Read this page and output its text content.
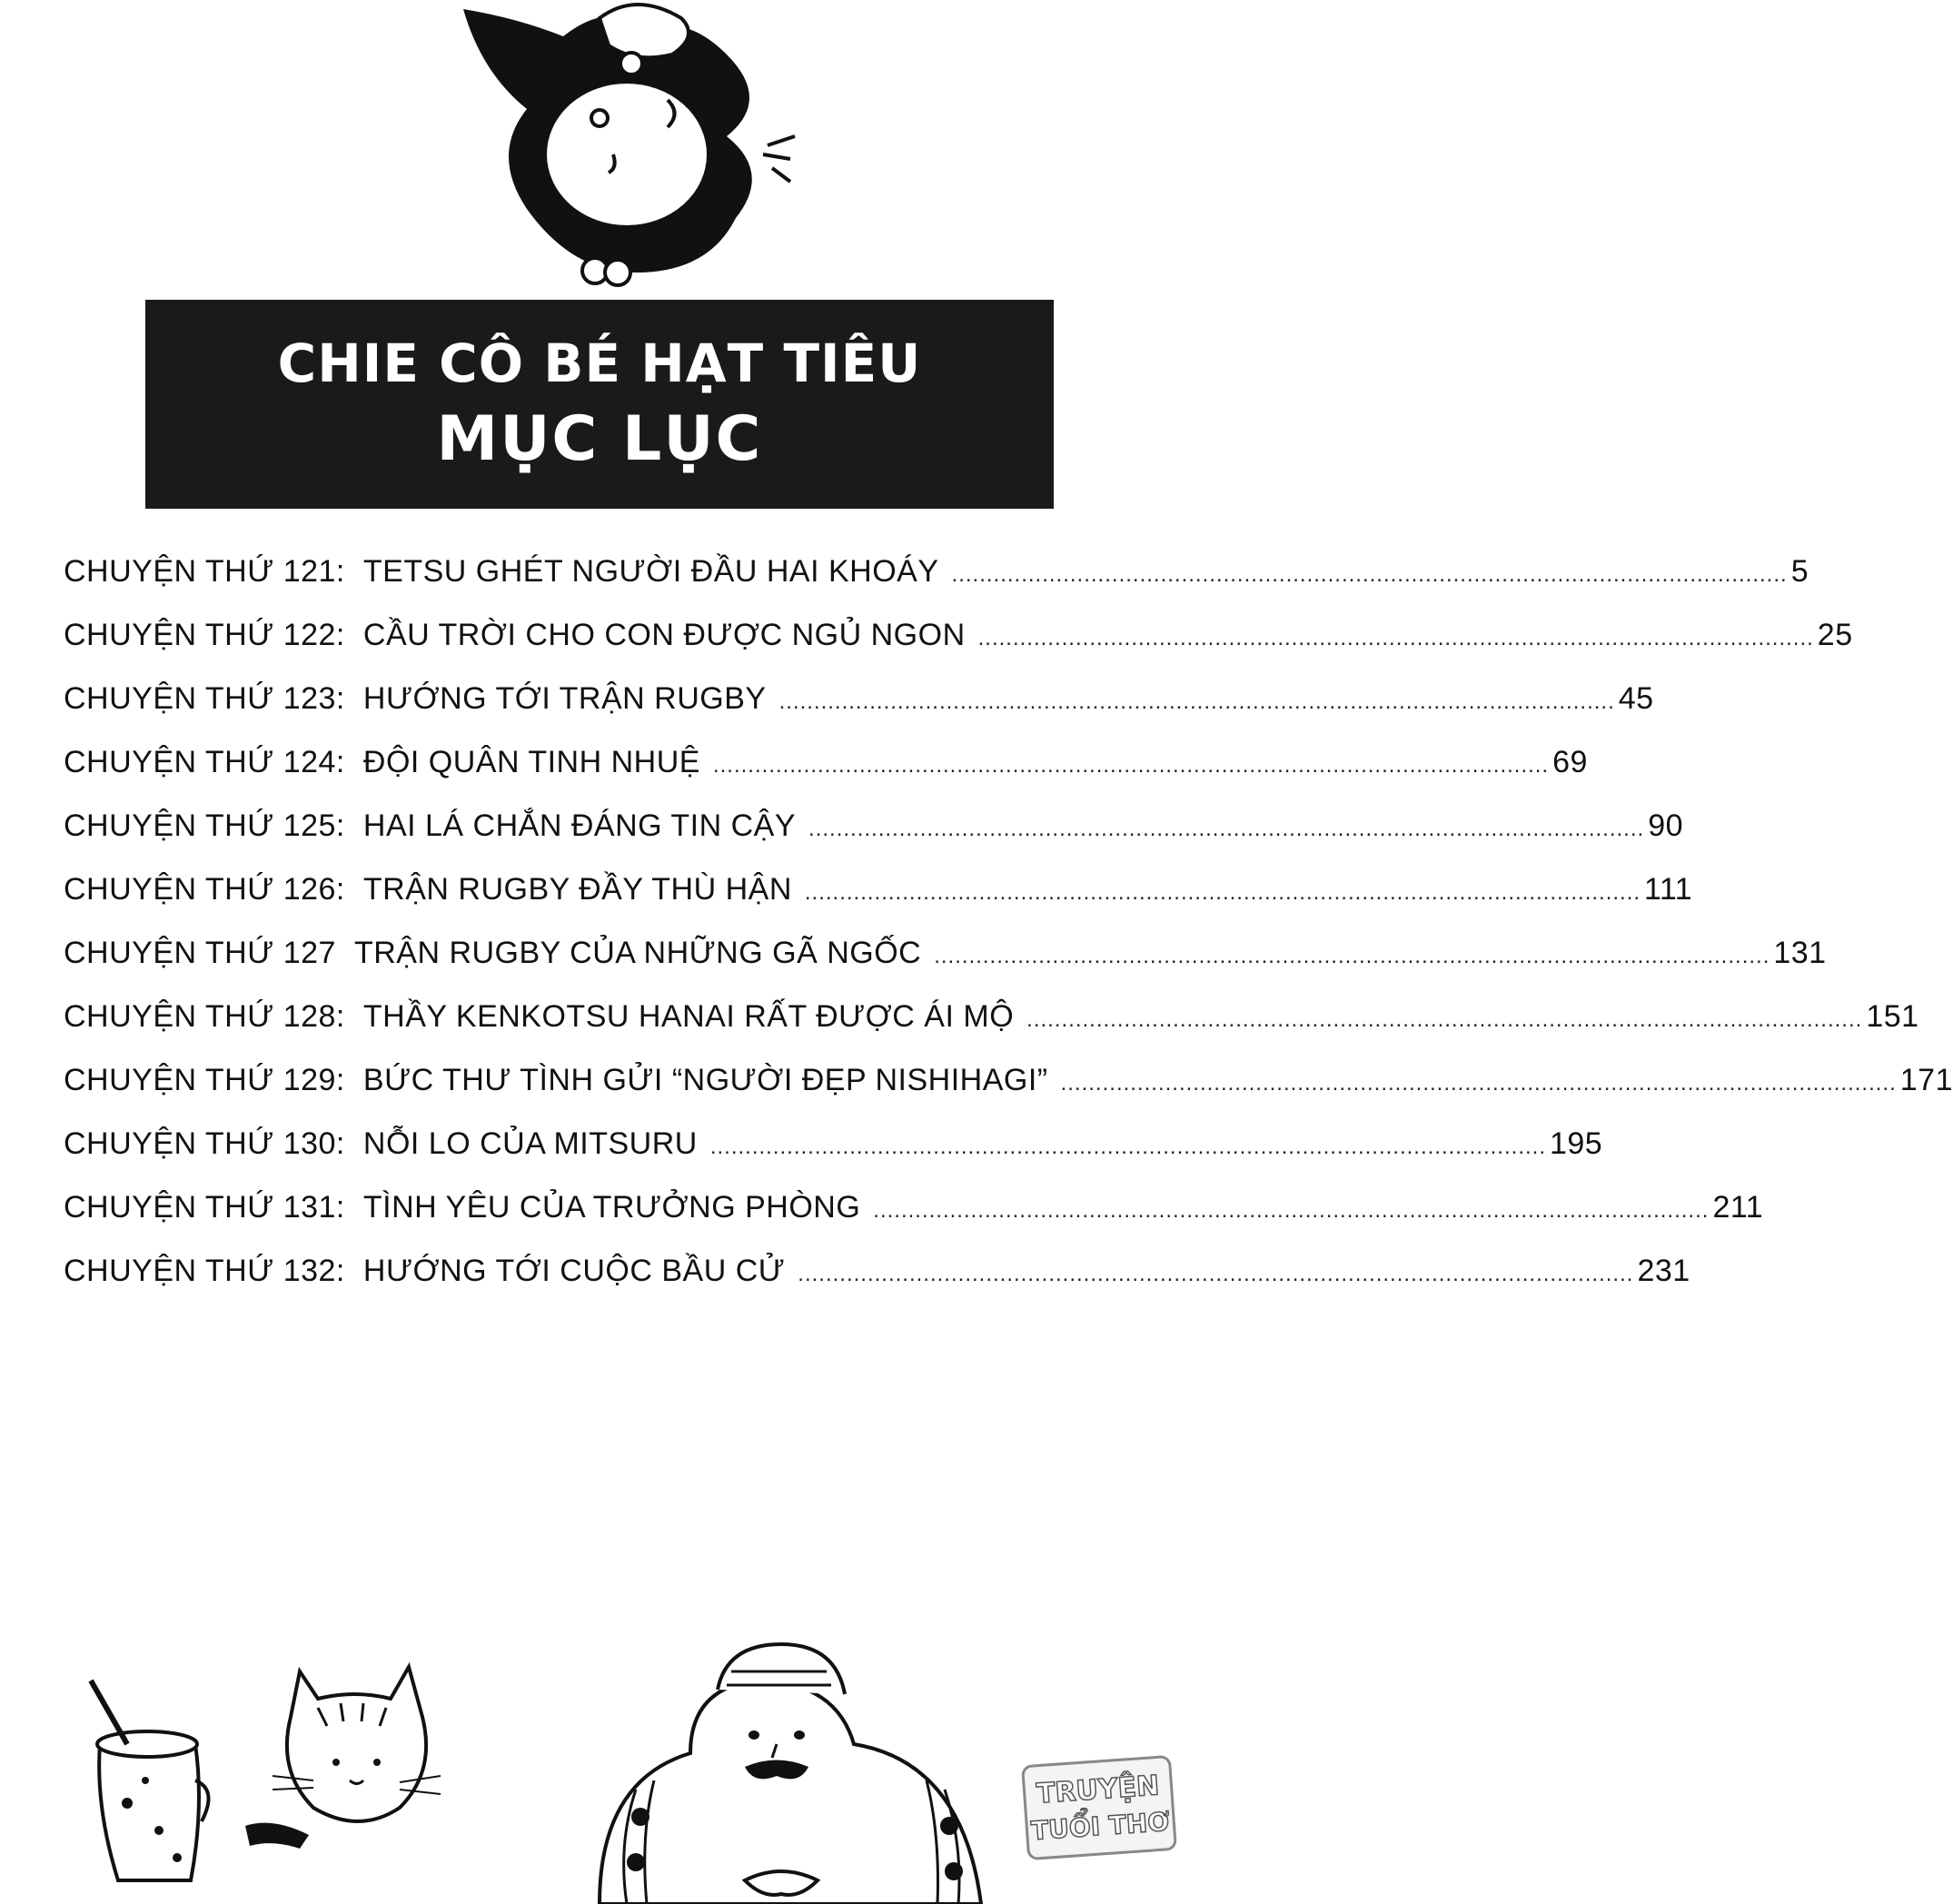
CHIE CÔ BÉ HẠT TIÊU
MỤC LỤC
CHUYỆN THỨ 121: TETSU GHÉT NGƯỜI ĐẦU HAI KHOÁY ........................................................................................................................ 5
CHUYỆN THỨ 122: CẦU TRỜI CHO CON ĐƯỢC NGỦ NGON ........................................................................................................................ 25
CHUYỆN THỨ 123: HƯỚNG TỚI TRẬN RUGBY ........................................................................................................................ 45
CHUYỆN THỨ 124: ĐỘI QUÂN TINH NHUỆ ........................................................................................................................ 69
CHUYỆN THỨ 125: HAI LÁ CHẮN ĐÁNG TIN CẬY ........................................................................................................................ 90
CHUYỆN THỨ 126: TRẬN RUGBY ĐẦY THÙ HẬN ........................................................................................................................ 111
CHUYỆN THỨ 127 TRẬN RUGBY CỦA NHỮNG GÃ NGỐC ........................................................................................................................ 131
CHUYỆN THỨ 128: THẦY KENKOTSU HANAI RẤT ĐƯỢC ÁI MỘ ........................................................................................................................ 151
CHUYỆN THỨ 129: BỨC THƯ TÌNH GỬI “NGƯỜI ĐẸP NISHIHAGI” ........................................................................................................................ 171
CHUYỆN THỨ 130: NỖI LO CỦA MITSURU ........................................................................................................................ 195
CHUYỆN THỨ 131: TÌNH YÊU CỦA TRƯỞNG PHÒNG ........................................................................................................................ 211
CHUYỆN THỨ 132: HƯỚNG TỚI CUỘC BẦU CỬ ........................................................................................................................ 231
TRUYỆN
TUỔI THƠ
